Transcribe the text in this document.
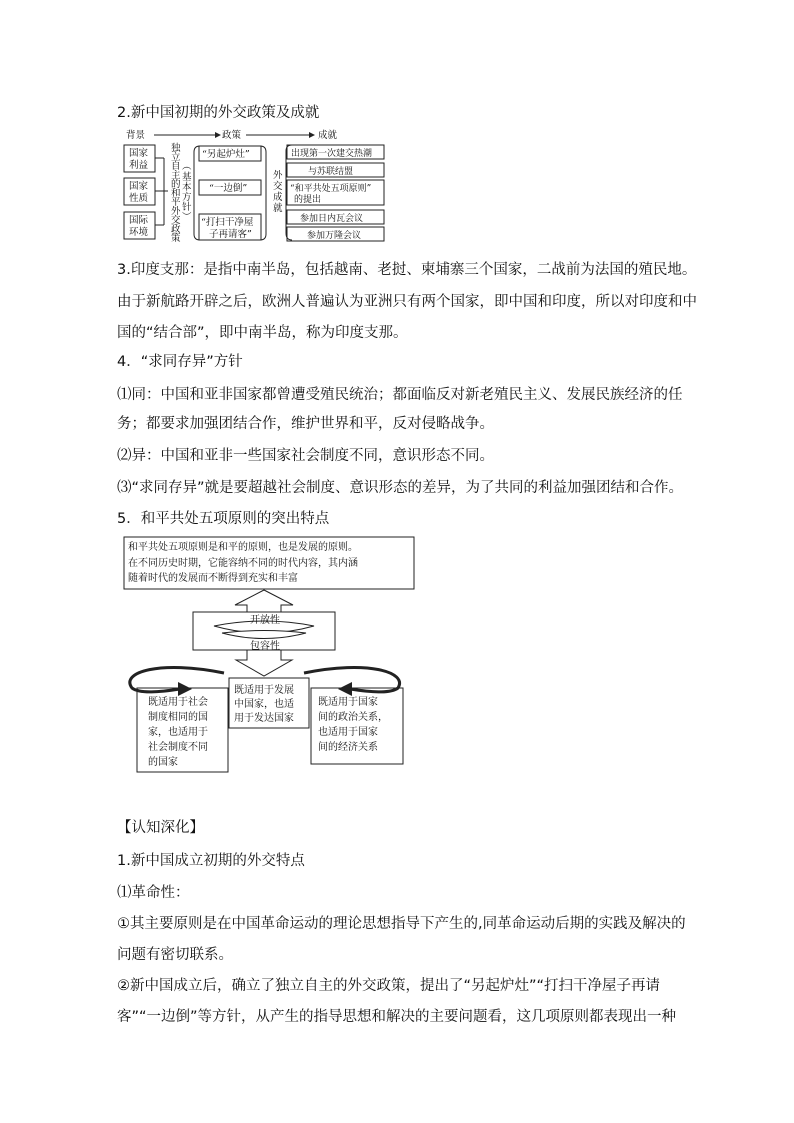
2.新中国初期的外交政策及成就
背景	政策	成就
国家
利益
国家
性质
国际
环境
独
立
自
主
的
和
平
外
交
政
策
︵
基
本
方
针
︶
“另起炉灶”
“一边倒”
“打扫干净屋
子再请客”
外
交
成
就
出现第一次建交热潮
与苏联结盟
“和平共处五项原则”
的提出
参加日内瓦会议
参加万隆会议
3.印度支那：是指中南半岛，包括越南、老挝、柬埔寨三个国家，二战前为法国的殖民地。
由于新航路开辟之后，欧洲人普遍认为亚洲只有两个国家，即中国和印度，所以对印度和中
国的“结合部”，即中南半岛，称为印度支那。
4．“求同存异”方针
⑴同：中国和亚非国家都曾遭受殖民统治；都面临反对新老殖民主义、发展民族经济的任
务；都要求加强团结合作，维护世界和平，反对侵略战争。
⑵异：中国和亚非一些国家社会制度不同，意识形态不同。
⑶“求同存异”就是要超越社会制度、意识形态的差异，为了共同的利益加强团结和合作。
5．和平共处五项原则的突出特点
和平共处五项原则是和平的原则，也是发展的原则。
在不同历史时期，它能容纳不同的时代内容，其内涵
随着时代的发展而不断得到充实和丰富
开放性
包容性
既适用于社会
制度相同的国
家，也适用于
社会制度不同
的国家
既适用于发展
中国家，也适
用于发达国家
既适用于国家
间的政治关系，
也适用于国家
间的经济关系
【认知深化】
1.新中国成立初期的外交特点
⑴革命性：
①其主要原则是在中国革命运动的理论思想指导下产生的,同革命运动后期的实践及解决的
问题有密切联系。
②新中国成立后，确立了独立自主的外交政策，提出了“另起炉灶”“打扫干净屋子再请
客”“一边倒”等方针，从产生的指导思想和解决的主要问题看，这几项原则都表现出一种
